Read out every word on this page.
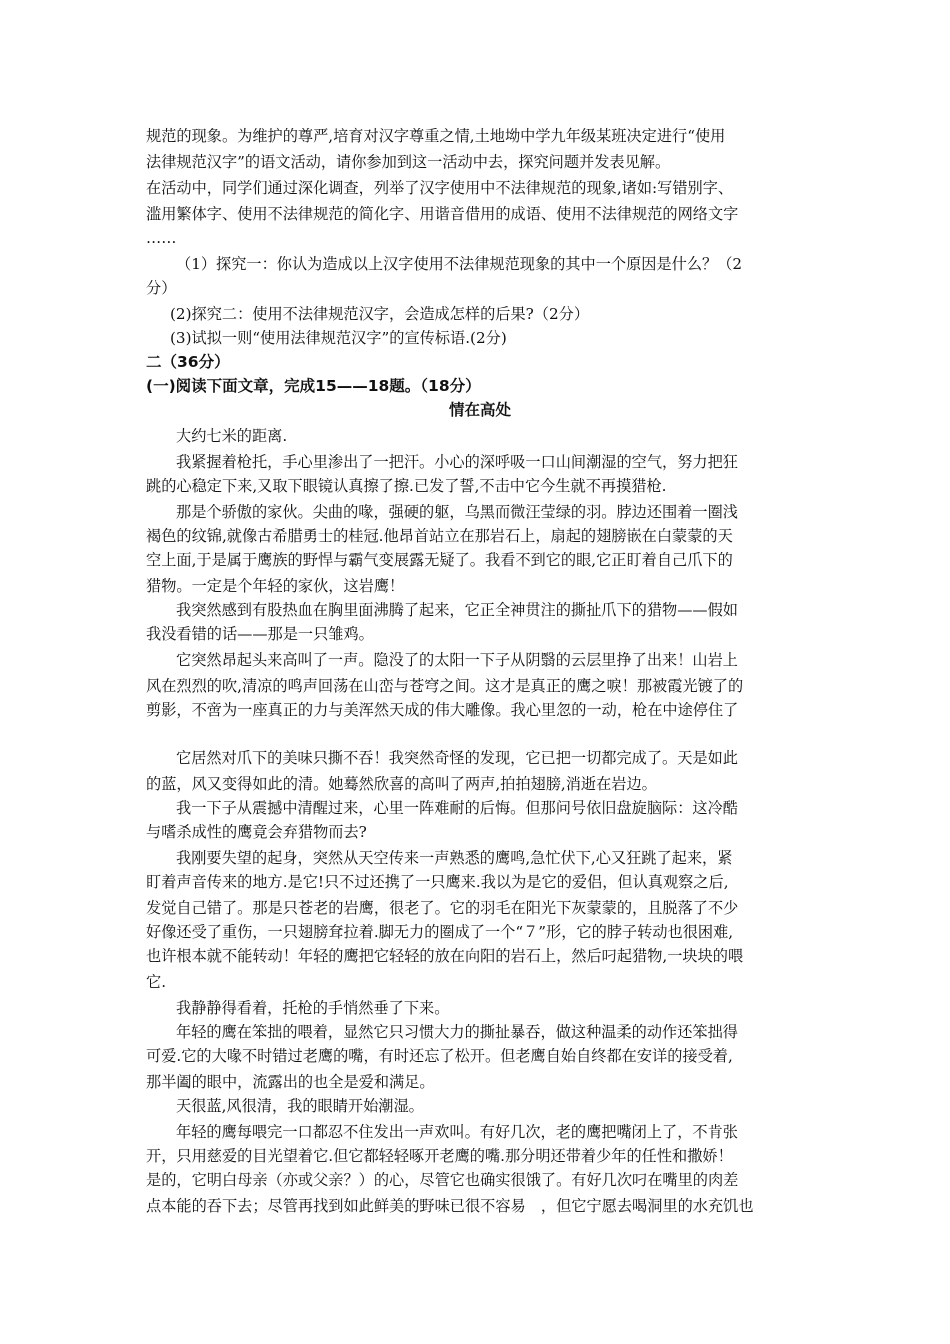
规范的现象。为维护的尊严,培育对汉字尊重之情,土地坳中学九年级某班决定进行“使用
法律规范汉字”的语文活动，请你参加到这一活动中去，探究问题并发表见解。
在活动中，同学们通过深化调查，列举了汉字使用中不法律规范的现象,诸如:写错别字、
滥用繁体字、使用不法律规范的简化字、用谐音借用的成语、使用不法律规范的网络文字
……
（1）探究一：你认为造成以上汉字使用不法律规范现象的其中一个原因是什么？（2
分）
(2)探究二：使用不法律规范汉字，会造成怎样的后果?（2分）
(3)试拟一则“使用法律规范汉字”的宣传标语.(2分)
二（36分）
(一)阅读下面文章，完成15——18题。（18分）
情在高处
大约七米的距离.
我紧握着枪托，手心里渗出了一把汗。小心的深呼吸一口山间潮湿的空气，努力把狂
跳的心稳定下来,又取下眼镜认真擦了擦.已发了誓,不击中它今生就不再摸猎枪.
那是个骄傲的家伙。尖曲的喙，强硬的躯，乌黑而微汪莹绿的羽。脖边还围着一圈浅
褐色的纹锦,就像古希腊勇士的桂冠.他昂首站立在那岩石上，扇起的翅膀嵌在白蒙蒙的天
空上面,于是属于鹰族的野悍与霸气变展露无疑了。我看不到它的眼,它正盯着自己爪下的
猎物。一定是个年轻的家伙，这岩鹰！
我突然感到有股热血在胸里面沸腾了起来，它正全神贯注的撕扯爪下的猎物——假如
我没看错的话——那是一只雏鸡。
它突然昂起头来高叫了一声。隐没了的太阳一下子从阴翳的云层里挣了出来！山岩上
风在烈烈的吹,清凉的鸣声回荡在山峦与苍穹之间。这才是真正的鹰之唳！那被霞光镀了的
剪影，不啻为一座真正的力与美浑然天成的伟大雕像。我心里忽的一动，枪在中途停住了
它居然对爪下的美味只撕不吞！我突然奇怪的发现，它已把一切都完成了。天是如此
的蓝，风又变得如此的清。她蓦然欣喜的高叫了两声,拍拍翅膀,消逝在岩边。
我一下子从震撼中清醒过来，心里一阵难耐的后悔。但那问号依旧盘旋脑际：这冷酷
与嗜杀成性的鹰竟会弃猎物而去?
我刚要失望的起身，突然从天空传来一声熟悉的鹰鸣,急忙伏下,心又狂跳了起来，紧
盯着声音传来的地方.是它!只不过还携了一只鹰来.我以为是它的爱侣，但认真观察之后,
发觉自己错了。那是只苍老的岩鹰，很老了。它的羽毛在阳光下灰蒙蒙的，且脱落了不少
好像还受了重伤，一只翅膀耷拉着.脚无力的圈成了一个“７”形，它的脖子转动也很困难,
也许根本就不能转动！年轻的鹰把它轻轻的放在向阳的岩石上，然后叼起猎物,一块块的喂
它.
我静静得看着，托枪的手悄然垂了下来。
年轻的鹰在笨拙的喂着，显然它只习惯大力的撕扯暴吞，做这种温柔的动作还笨拙得
可爱.它的大喙不时错过老鹰的嘴，有时还忘了松开。但老鹰自始自终都在安详的接受着,
那半阖的眼中，流露出的也全是爱和满足。
天很蓝,风很清，我的眼睛开始潮湿。
年轻的鹰每喂完一口都忍不住发出一声欢叫。有好几次，老的鹰把嘴闭上了，不肯张
开，只用慈爱的目光望着它.但它都轻轻啄开老鹰的嘴.那分明还带着少年的任性和撒娇！
是的，它明白母亲（亦或父亲？）的心，尽管它也确实很饿了。有好几次叼在嘴里的肉差
点本能的吞下去；尽管再找到如此鲜美的野味已很不容易　，但它宁愿去喝洞里的水充饥也
